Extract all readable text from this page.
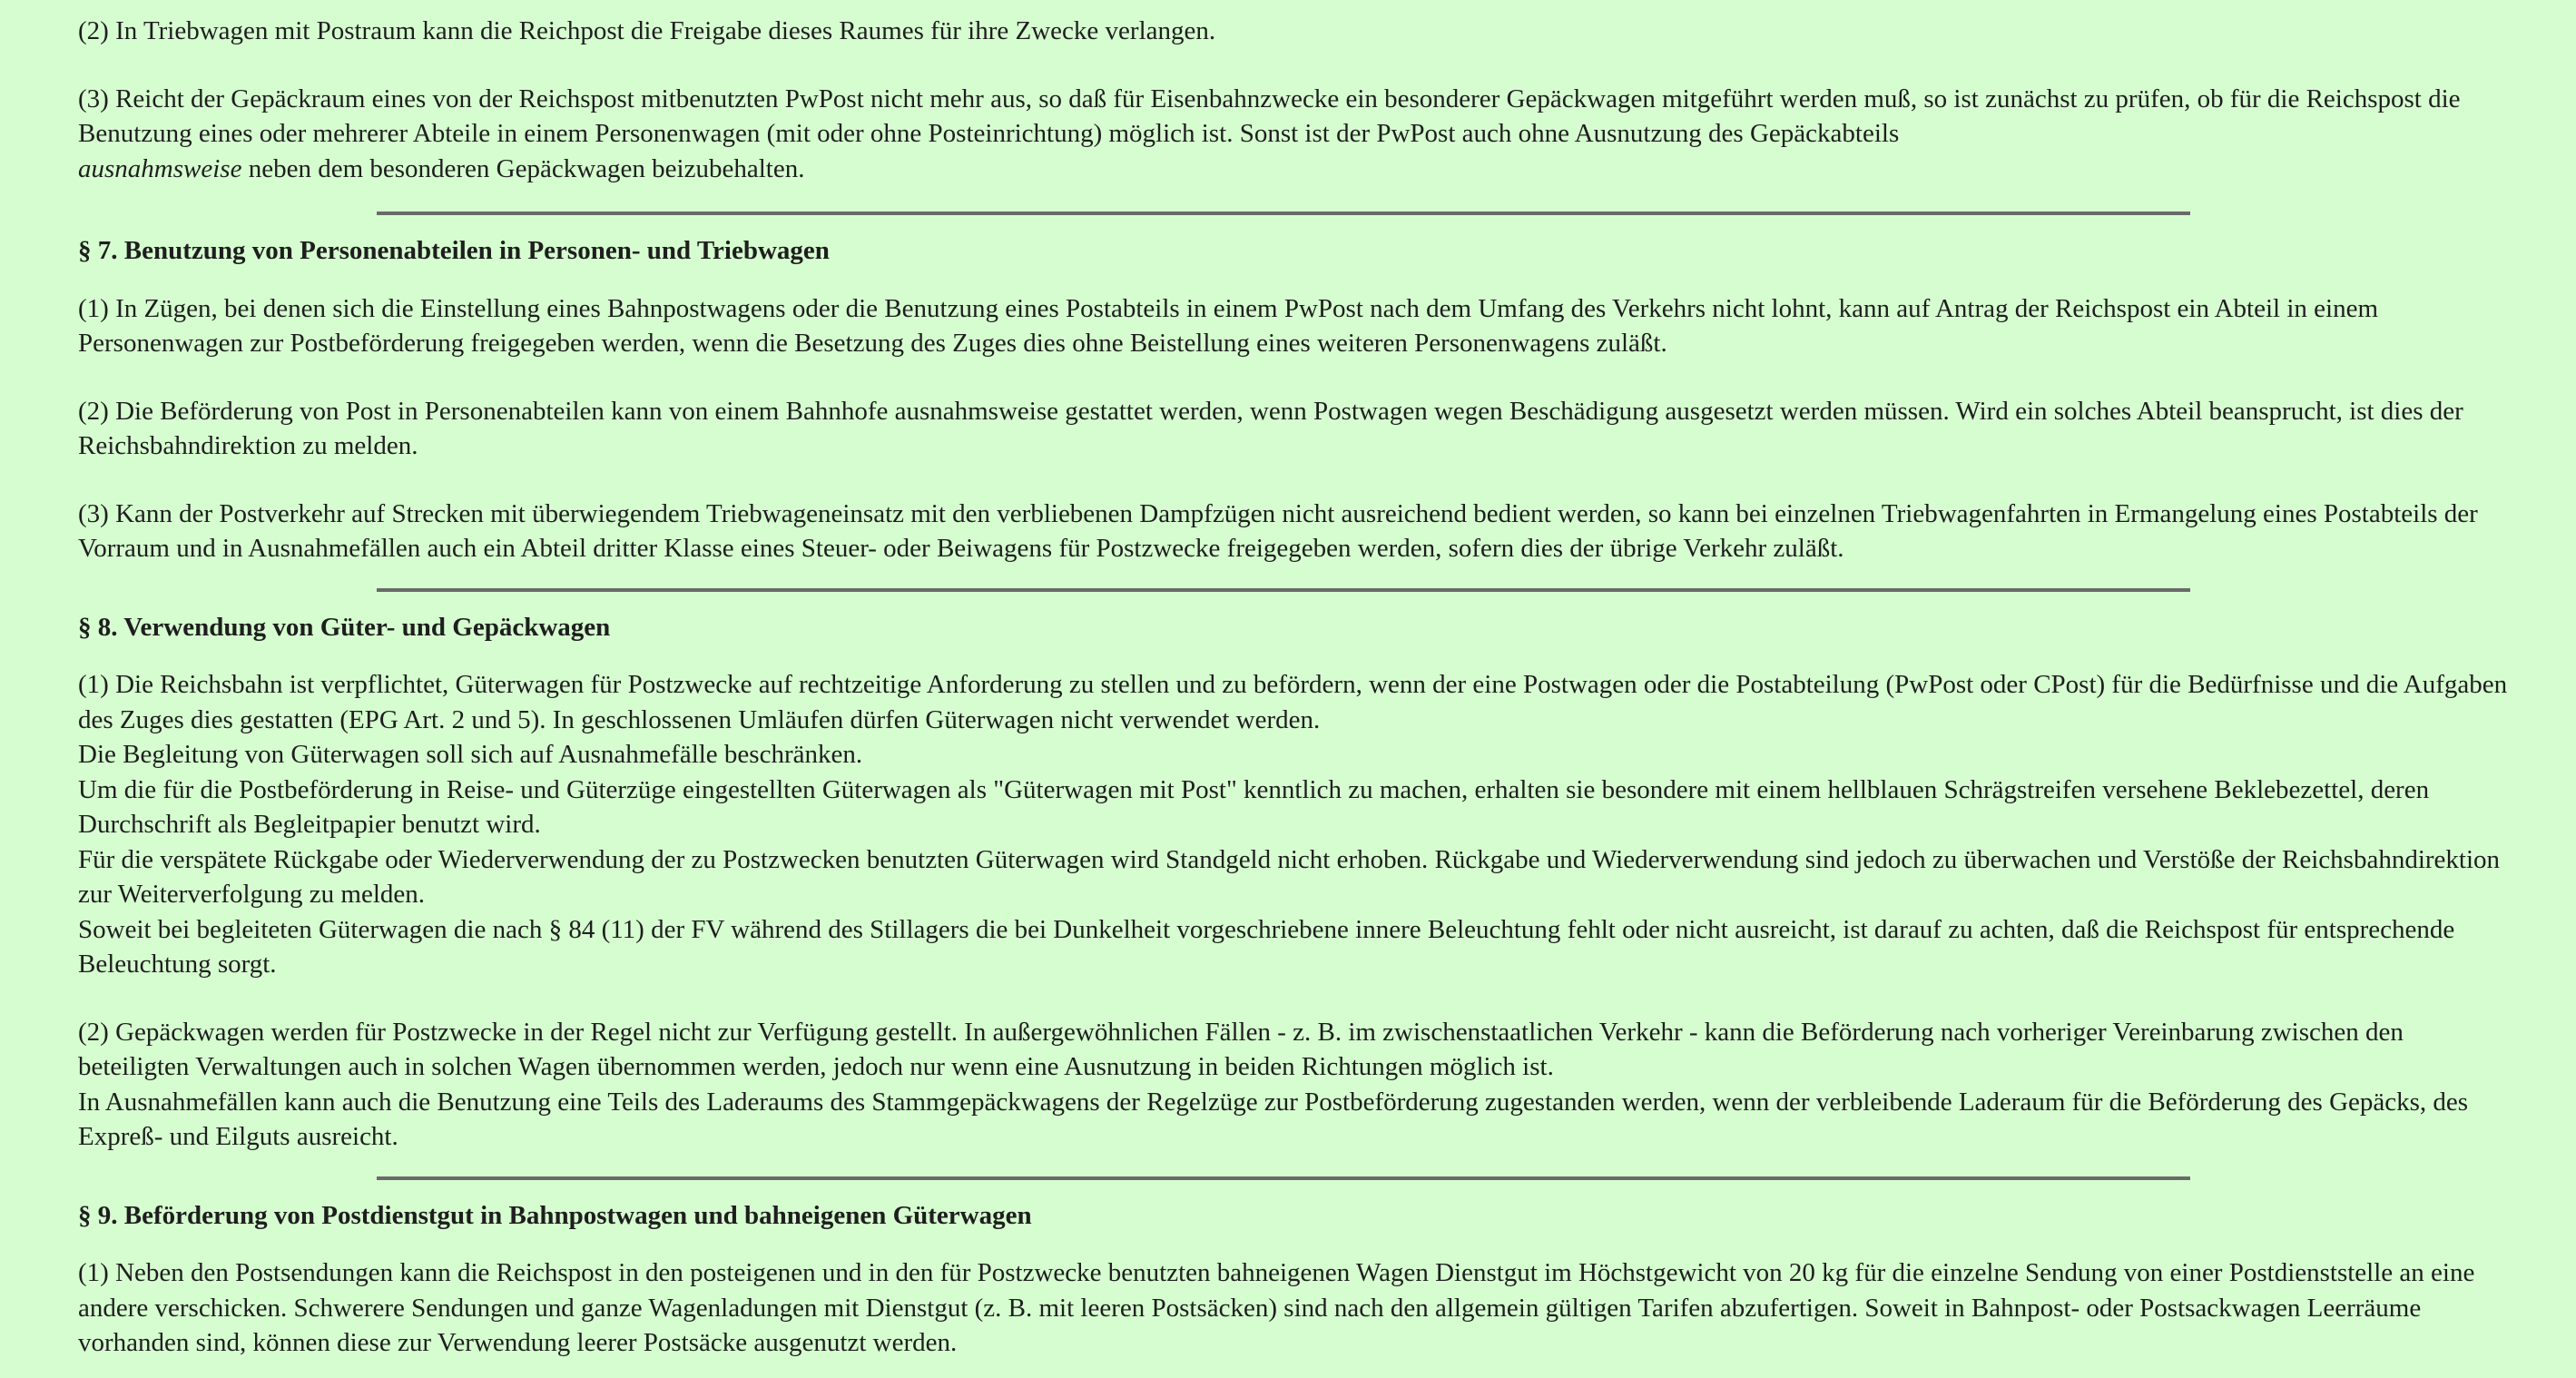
(2) In Triebwagen mit Postraum kann die Reichpost die Freigabe dieses Raumes für ihre Zwecke verlangen.

(3) Reicht der Gepäckraum eines von der Reichspost mitbenutzten PwPost nicht mehr aus, so daß für Eisenbahnzwecke ein besonderer Gepäckwagen mitgeführt werden muß, so ist zunächst zu prüfen, ob für die Reichspost die Benutzung eines oder mehrerer Abteile in einem Personenwagen (mit oder ohne Posteinrichtung) möglich ist. Sonst ist der PwPost auch ohne Ausnutzung des Gepäckabteils
ausnahmsweise neben dem besonderen Gepäckwagen beizubehalten.

§ 7. Benutzung von Personenabteilen in Personen- und Triebwagen

(1) In Zügen, bei denen sich die Einstellung eines Bahnpostwagens oder die Benutzung eines Postabteils in einem PwPost nach dem Umfang des Verkehrs nicht lohnt, kann auf Antrag der Reichspost ein Abteil in einem Personenwagen zur Postbeförderung freigegeben werden, wenn die Besetzung des Zuges dies ohne Beistellung eines weiteren Personenwagens zuläßt.

(2) Die Beförderung von Post in Personenabteilen kann von einem Bahnhofe ausnahmsweise gestattet werden, wenn Postwagen wegen Beschädigung ausgesetzt werden müssen. Wird ein solches Abteil beansprucht, ist dies der Reichsbahndirektion zu melden.

(3) Kann der Postverkehr auf Strecken mit überwiegendem Triebwageneinsatz mit den verbliebenen Dampfzügen nicht ausreichend bedient werden, so kann bei einzelnen Triebwagenfahrten in Ermangelung eines Postabteils der Vorraum und in Ausnahmefällen auch ein Abteil dritter Klasse eines Steuer- oder Beiwagens für Postzwecke freigegeben werden, sofern dies der übrige Verkehr zuläßt.

§ 8. Verwendung von Güter- und Gepäckwagen

(1) Die Reichsbahn ist verpflichtet, Güterwagen für Postzwecke auf rechtzeitige Anforderung zu stellen und zu befördern, wenn der eine Postwagen oder die Postabteilung (PwPost oder CPost) für die Bedürfnisse und die Aufgaben des Zuges dies gestatten (EPG Art. 2 und 5). In geschlossenen Umläufen dürfen Güterwagen nicht verwendet werden.
Die Begleitung von Güterwagen soll sich auf Ausnahmefälle beschränken.
Um die für die Postbeförderung in Reise- und Güterzüge eingestellten Güterwagen als "Güterwagen mit Post" kenntlich zu machen, erhalten sie besondere mit einem hellblauen Schrägstreifen versehene Beklebezettel, deren Durchschrift als Begleitpapier benutzt wird.
Für die verspätete Rückgabe oder Wiederverwendung der zu Postzwecken benutzten Güterwagen wird Standgeld nicht erhoben. Rückgabe und Wiederverwendung sind jedoch zu überwachen und Verstöße der Reichsbahndirektion zur Weiterverfolgung zu melden.
Soweit bei begleiteten Güterwagen die nach § 84 (11) der FV während des Stillagers die bei Dunkelheit vorgeschriebene innere Beleuchtung fehlt oder nicht ausreicht, ist darauf zu achten, daß die Reichspost für entsprechende Beleuchtung sorgt.

(2) Gepäckwagen werden für Postzwecke in der Regel nicht zur Verfügung gestellt. In außergewöhnlichen Fällen - z. B. im zwischenstaatlichen Verkehr - kann die Beförderung nach vorheriger Vereinbarung zwischen den beteiligten Verwaltungen auch in solchen Wagen übernommen werden, jedoch nur wenn eine Ausnutzung in beiden Richtungen möglich ist.
In Ausnahmefällen kann auch die Benutzung eine Teils des Laderaums des Stammgepäckwagens der Regelzüge zur Postbeförderung zugestanden werden, wenn der verbleibende Laderaum für die Beförderung des Gepäcks, des Expreß- und Eilguts ausreicht.

§ 9. Beförderung von Postdienstgut in Bahnpostwagen und bahneigenen Güterwagen

(1) Neben den Postsendungen kann die Reichspost in den posteigenen und in den für Postzwecke benutzten bahneigenen Wagen Dienstgut im Höchstgewicht von 20 kg für die einzelne Sendung von einer Postdienststelle an eine andere verschicken. Schwerere Sendungen und ganze Wagenladungen mit Dienstgut (z. B. mit leeren Postsäcken) sind nach den allgemein gültigen Tarifen abzufertigen. Soweit in Bahnpost- oder Postsackwagen Leerräume vorhanden sind, können diese zur Verwendung leerer Postsäcke ausgenutzt werden.
